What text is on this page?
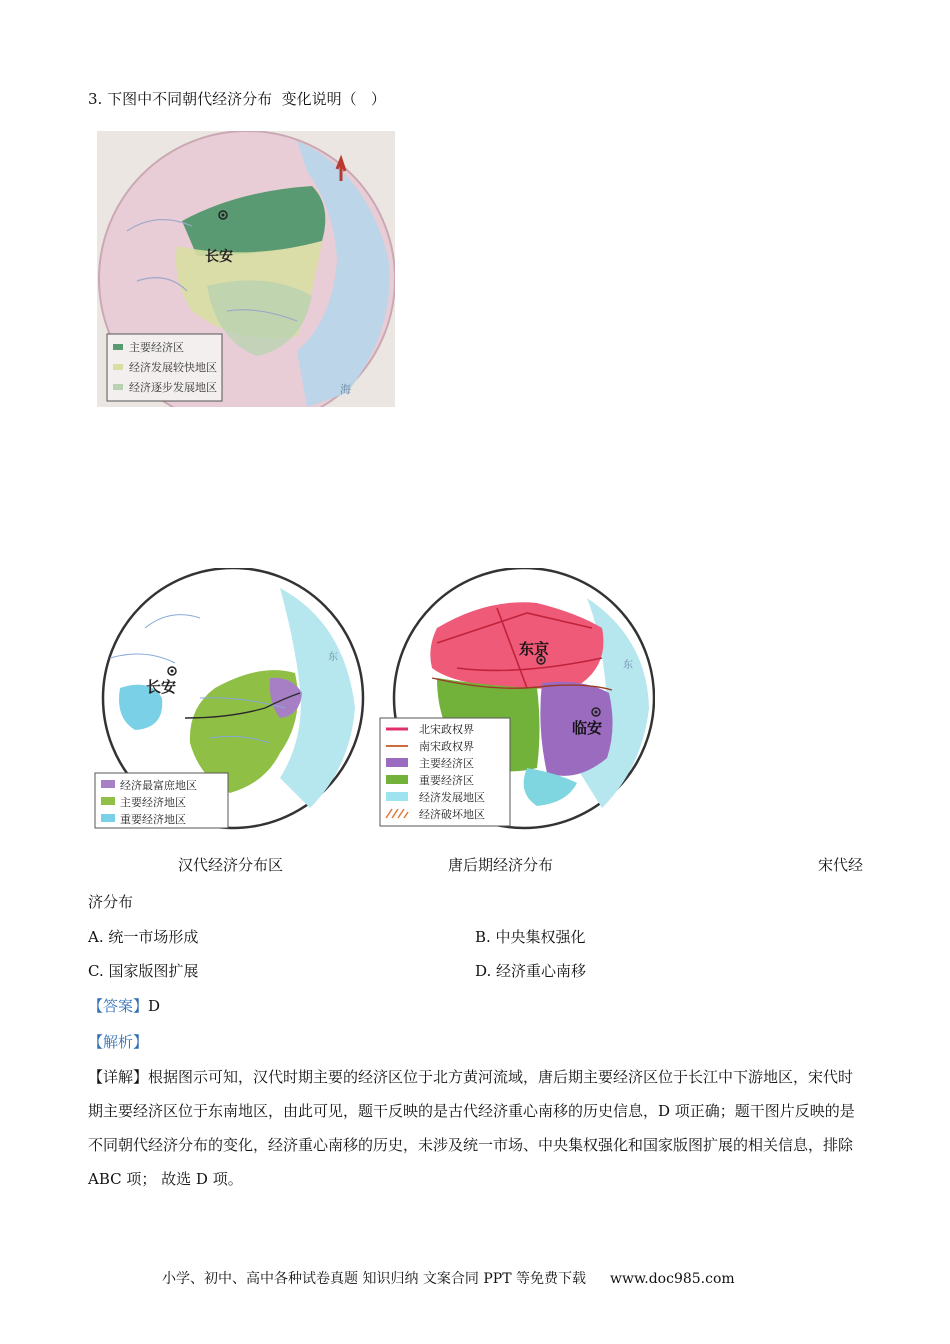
3. 下图中不同朝代经济分布  变化说明（   ）
长安
海
主要经济区
经济发展较快地区
经济逐步发展地区
长安
东
经济最富庶地区
主要经济地区
重要经济地区
东京
临安
东
北宋政权界
南宋政权界
主要经济区
重要经济区
经济发展地区
经济破坏地区
汉代经济分布区	唐后期经济分布	宋代经
济分布
A. 统一市场形成	B. 中央集权强化
C. 国家版图扩展	D. 经济重心南移
【答案】D
【解析】
【详解】根据图示可知，汉代时期主要的经济区位于北方黄河流域，唐后期主要经济区位于长江中下游地区，宋代时期主要经济区位于东南地区，由此可见，题干反映的是古代经济重心南移的历史信息，D 项正确；题干图片反映的是不同朝代经济分布的变化，经济重心南移的历史，未涉及统一市场、中央集权强化和国家版图扩展的相关信息，排除 ABC 项； 故选 D 项。
小学、初中、高中各种试卷真题 知识归纳 文案合同 PPT 等免费下载 www.doc985.com
